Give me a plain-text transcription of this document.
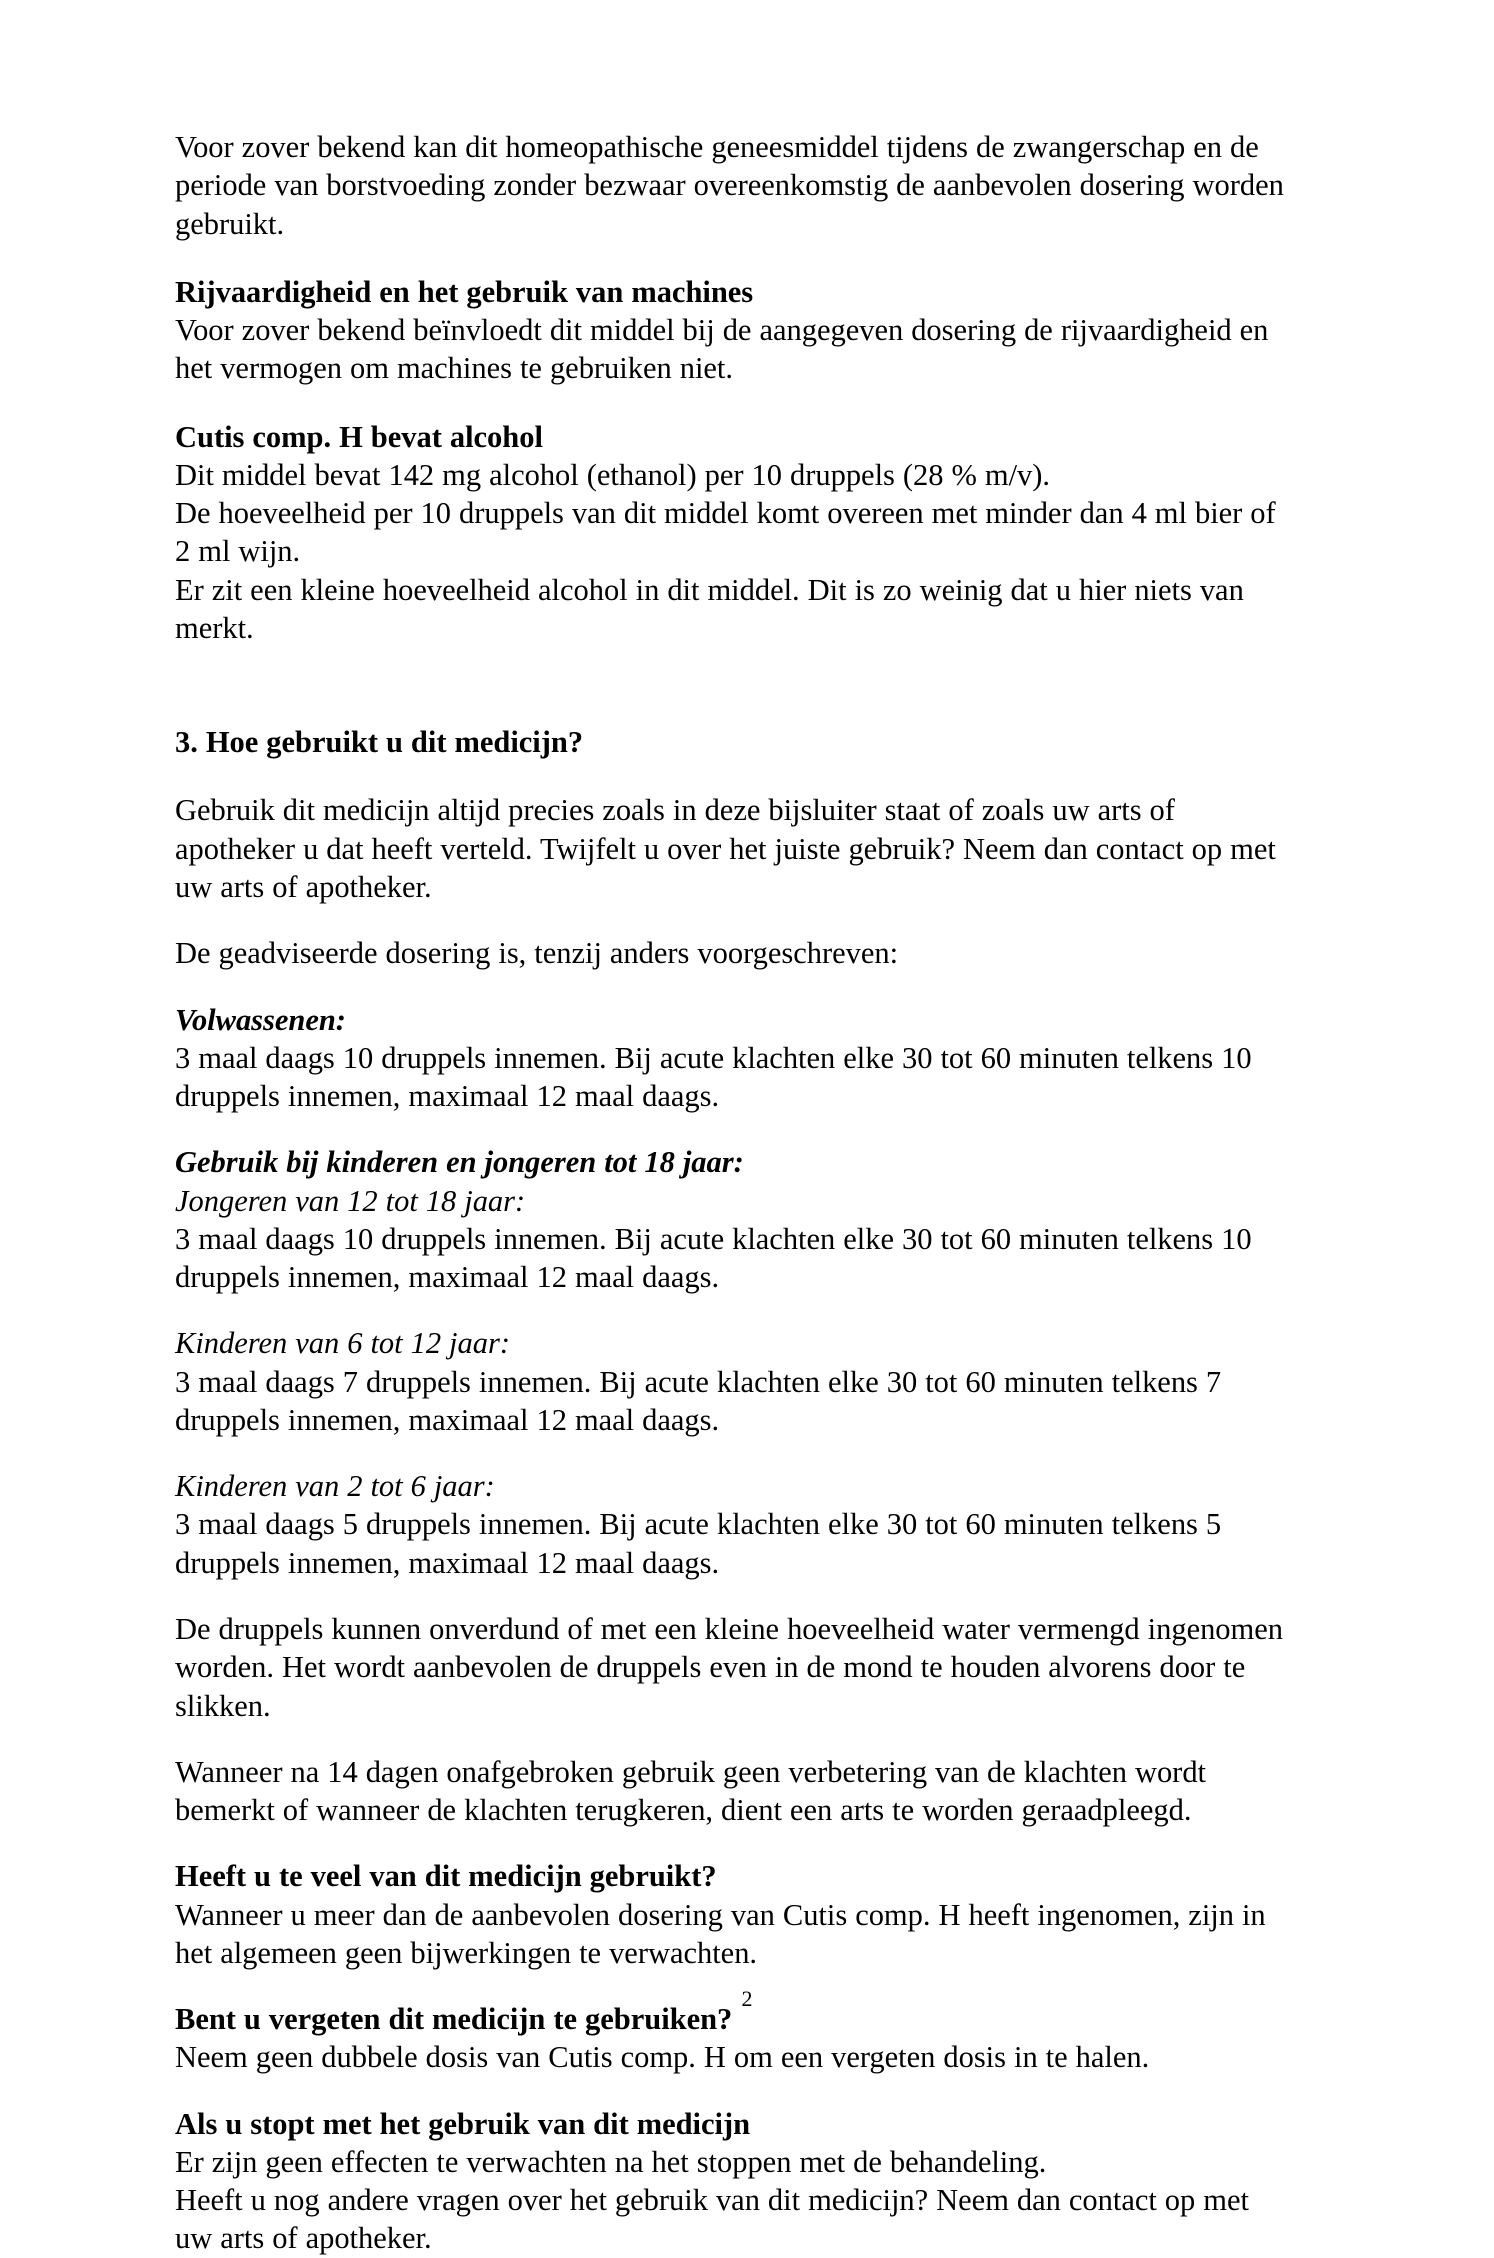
Voor zover bekend kan dit homeopathische geneesmiddel tijdens de zwangerschap en de periode van borstvoeding zonder bezwaar overeenkomstig de aanbevolen dosering worden gebruikt.

Rijvaardigheid en het gebruik van machines

Voor zover bekend beïnvloedt dit middel bij de aangegeven dosering de rijvaardigheid en het vermogen om machines te gebruiken niet.

Cutis comp. H bevat alcohol

Dit middel bevat 142 mg alcohol (ethanol) per 10 druppels (28 % m/v).

De hoeveelheid per 10 druppels van dit middel komt overeen met minder dan 4 ml bier of 2 ml wijn.

Er zit een kleine hoeveelheid alcohol in dit middel. Dit is zo weinig dat u hier niets van merkt.

3. Hoe gebruikt u dit medicijn?

Gebruik dit medicijn altijd precies zoals in deze bijsluiter staat of zoals uw arts of apotheker u dat heeft verteld. Twijfelt u over het juiste gebruik? Neem dan contact op met uw arts of apotheker.

De geadviseerde dosering is, tenzij anders voorgeschreven:

Volwassenen:

3 maal daags 10 druppels innemen. Bij acute klachten elke 30 tot 60 minuten telkens 10 druppels innemen, maximaal 12 maal daags.

Gebruik bij kinderen en jongeren tot 18 jaar:

Jongeren van 12 tot 18 jaar:

3 maal daags 10 druppels innemen. Bij acute klachten elke 30 tot 60 minuten telkens 10 druppels innemen, maximaal 12 maal daags.

Kinderen van 6 tot 12 jaar:

3 maal daags 7 druppels innemen. Bij acute klachten elke 30 tot 60 minuten telkens 7 druppels innemen, maximaal 12 maal daags.

Kinderen van 2 tot 6 jaar:

3 maal daags 5 druppels innemen. Bij acute klachten elke 30 tot 60 minuten telkens 5 druppels innemen, maximaal 12 maal daags.

De druppels kunnen onverdund of met een kleine hoeveelheid water vermengd ingenomen worden. Het wordt aanbevolen de druppels even in de mond te houden alvorens door te slikken.

Wanneer na 14 dagen onafgebroken gebruik geen verbetering van de klachten wordt bemerkt of wanneer de klachten terugkeren, dient een arts te worden geraadpleegd.

Heeft u te veel van dit medicijn gebruikt?

Wanneer u meer dan de aanbevolen dosering van Cutis comp. H heeft ingenomen, zijn in het algemeen geen bijwerkingen te verwachten.

Bent u vergeten dit medicijn te gebruiken?

Neem geen dubbele dosis van Cutis comp. H om een vergeten dosis in te halen.

Als u stopt met het gebruik van dit medicijn

Er zijn geen effecten te verwachten na het stoppen met de behandeling.

Heeft u nog andere vragen over het gebruik van dit medicijn? Neem dan contact op met uw arts of apotheker.

2
